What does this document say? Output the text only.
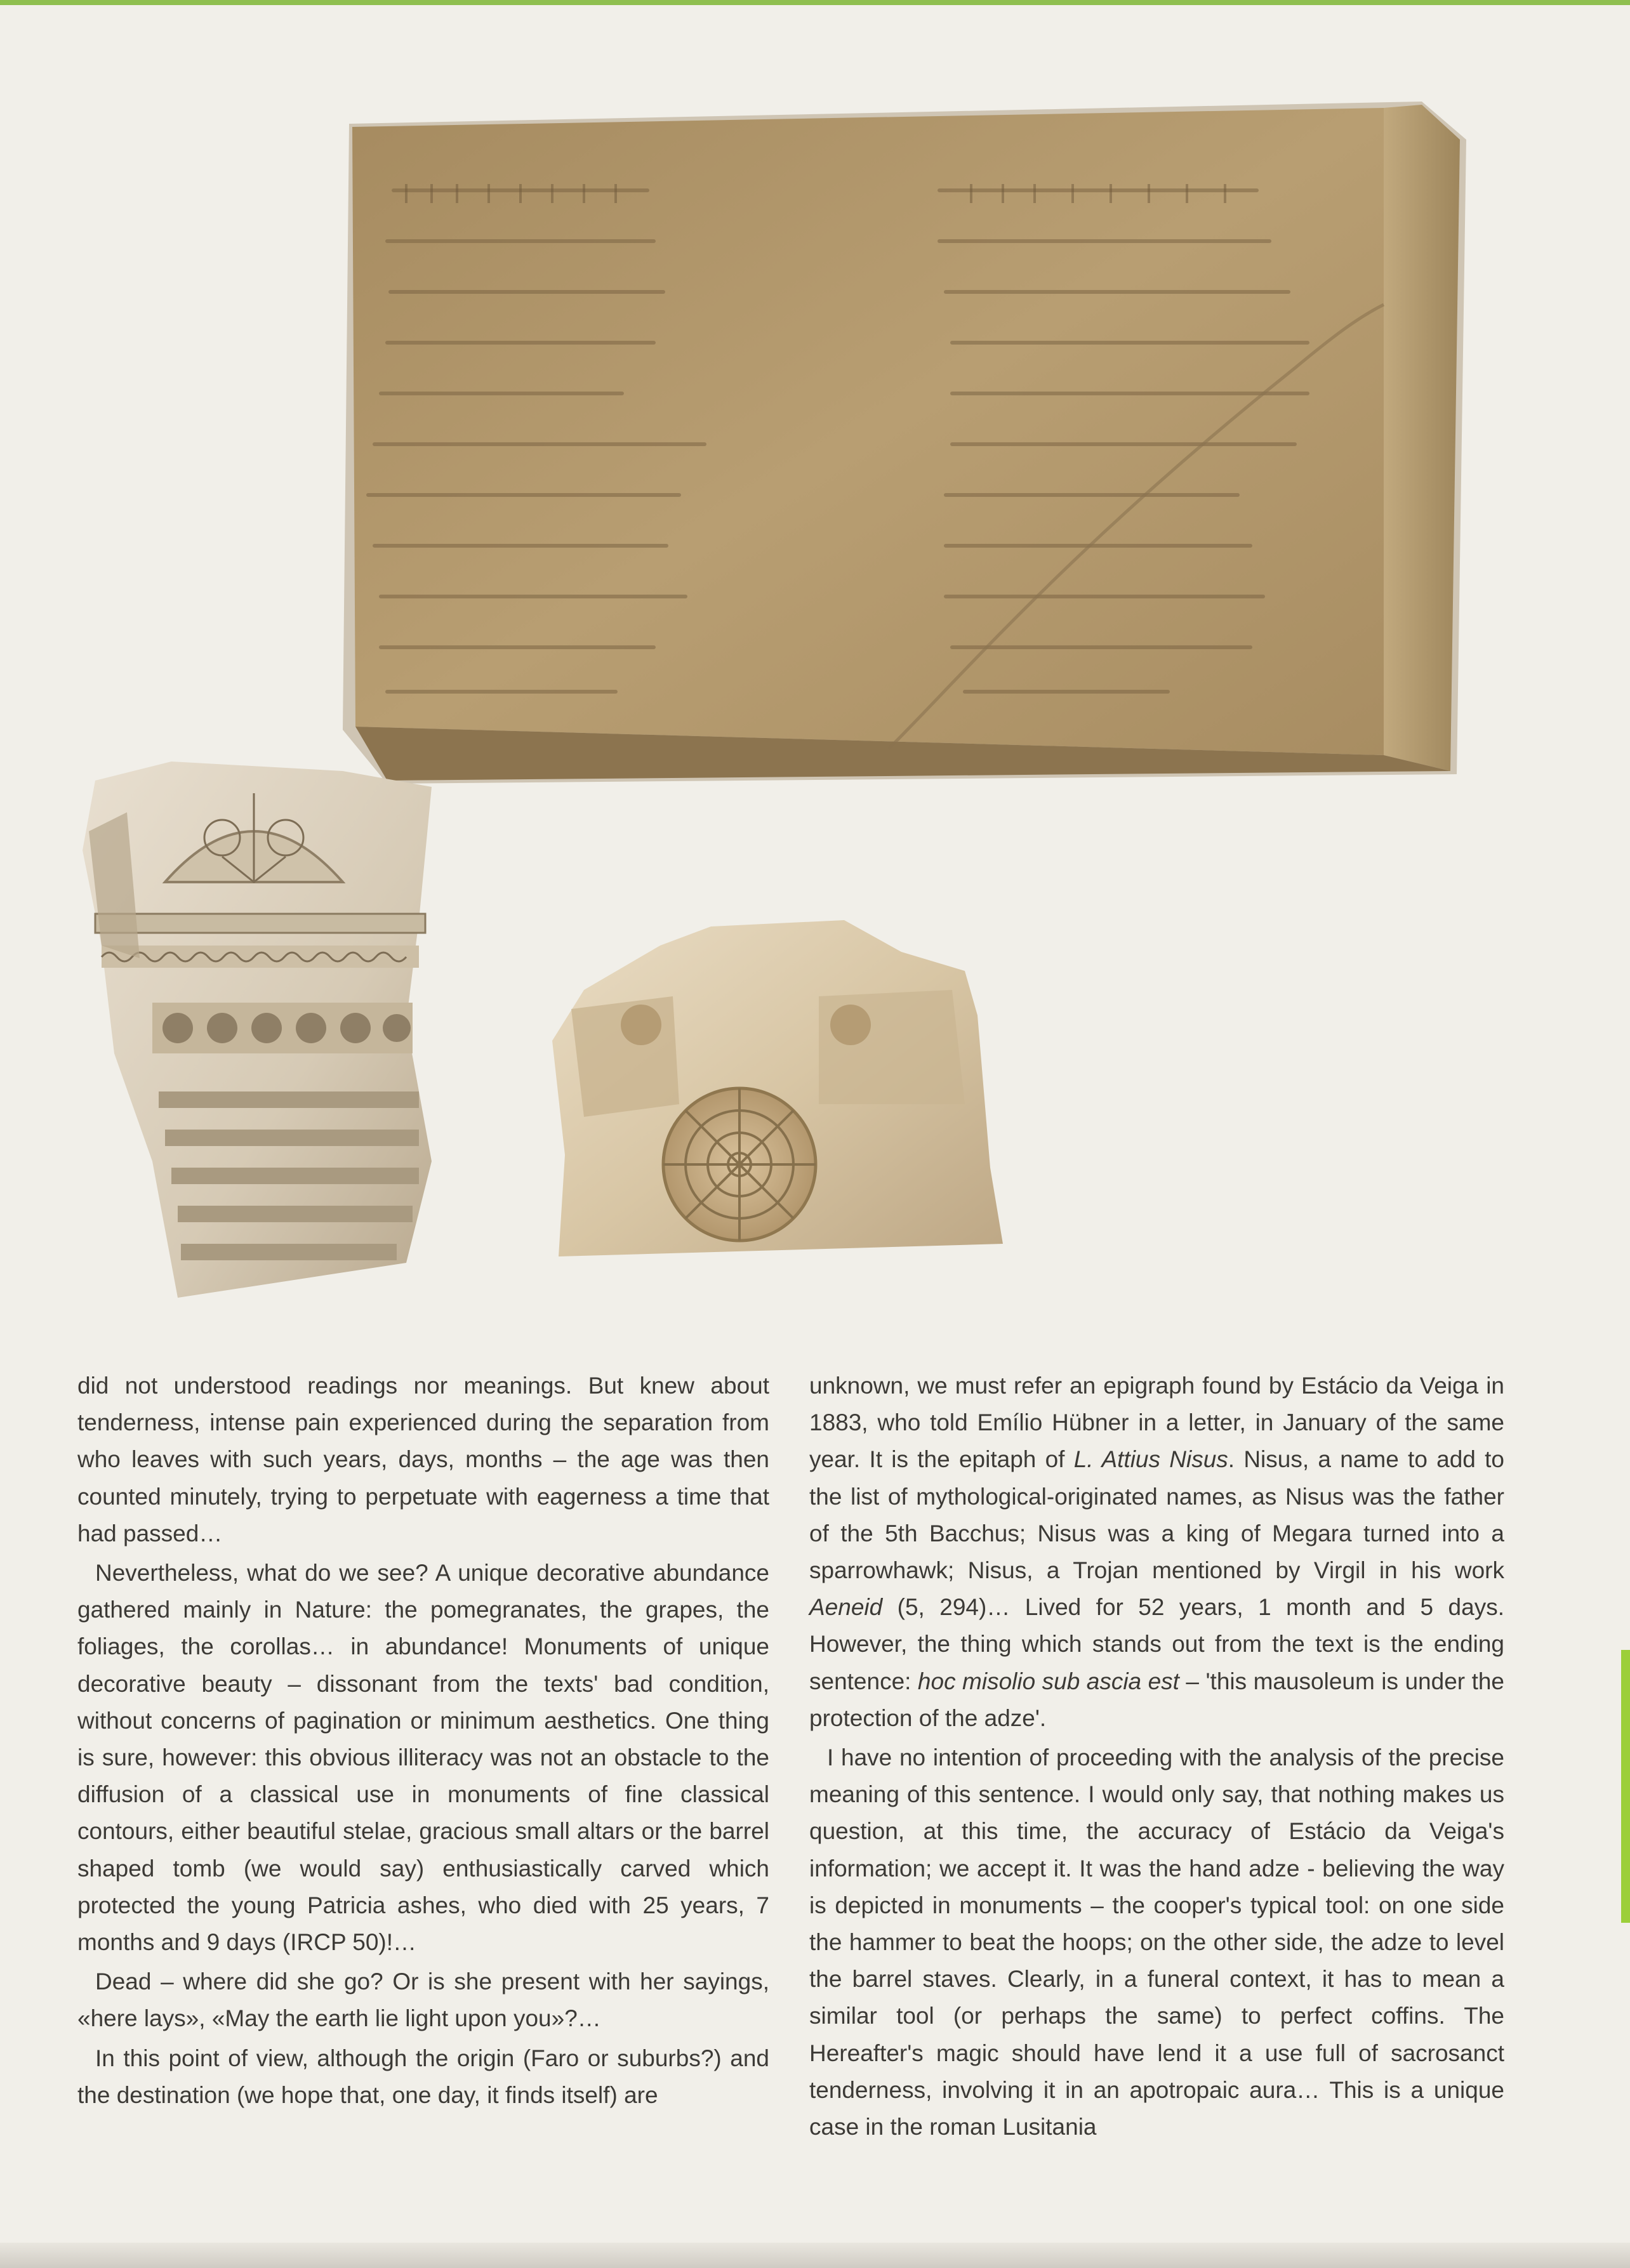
did not understood readings nor meanings. But knew about tenderness, intense pain experienced during the separation from who leaves with such years, days, months – the age was then counted minutely, trying to perpetuate with eagerness a time that had passed…

Nevertheless, what do we see? A unique decorative abundance gathered mainly in Nature: the pomegranates, the grapes, the foliages, the corollas… in abundance! Monuments of unique decorative beauty – dissonant from the texts' bad condition, without concerns of pagination or minimum aesthetics. One thing is sure, however: this obvious illiteracy was not an obstacle to the diffusion of a classical use in monuments of fine classical contours, either beautiful stelae, gracious small altars or the barrel shaped tomb (we would say) enthusiastically carved which protected the young Patricia ashes, who died with 25 years, 7 months and 9 days (IRCP 50)!…

Dead – where did she go? Or is she present with her sayings, «here lays», «May the earth lie light upon you»?…

In this point of view, although the origin (Faro or suburbs?) and the destination (we hope that, one day, it finds itself) are

unknown, we must refer an epigraph found by Estácio da Veiga in 1883, who told Emílio Hübner in a letter, in January of the same year. It is the epitaph of L. Attius Nisus. Nisus, a name to add to the list of mythological-originated names, as Nisus was the father of the 5th Bacchus; Nisus was a king of Megara turned into a sparrowhawk; Nisus, a Trojan mentioned by Virgil in his work Aeneid (5, 294)… Lived for 52 years, 1 month and 5 days. However, the thing which stands out from the text is the ending sentence: hoc misolio sub ascia est – 'this mausoleum is under the protection of the adze'.

I have no intention of proceeding with the analysis of the precise meaning of this sentence. I would only say, that nothing makes us question, at this time, the accuracy of Estácio da Veiga's information; we accept it. It was the hand adze - believing the way is depicted in monuments – the cooper's typical tool: on one side the hammer to beat the hoops; on the other side, the adze to level the barrel staves. Clearly, in a funeral context, it has to mean a similar tool (or perhaps the same) to perfect coffins. The Hereafter's magic should have lend it a use full of sacrosanct tenderness, involving it in an apotropaic aura… This is a unique case in the roman Lusitania
